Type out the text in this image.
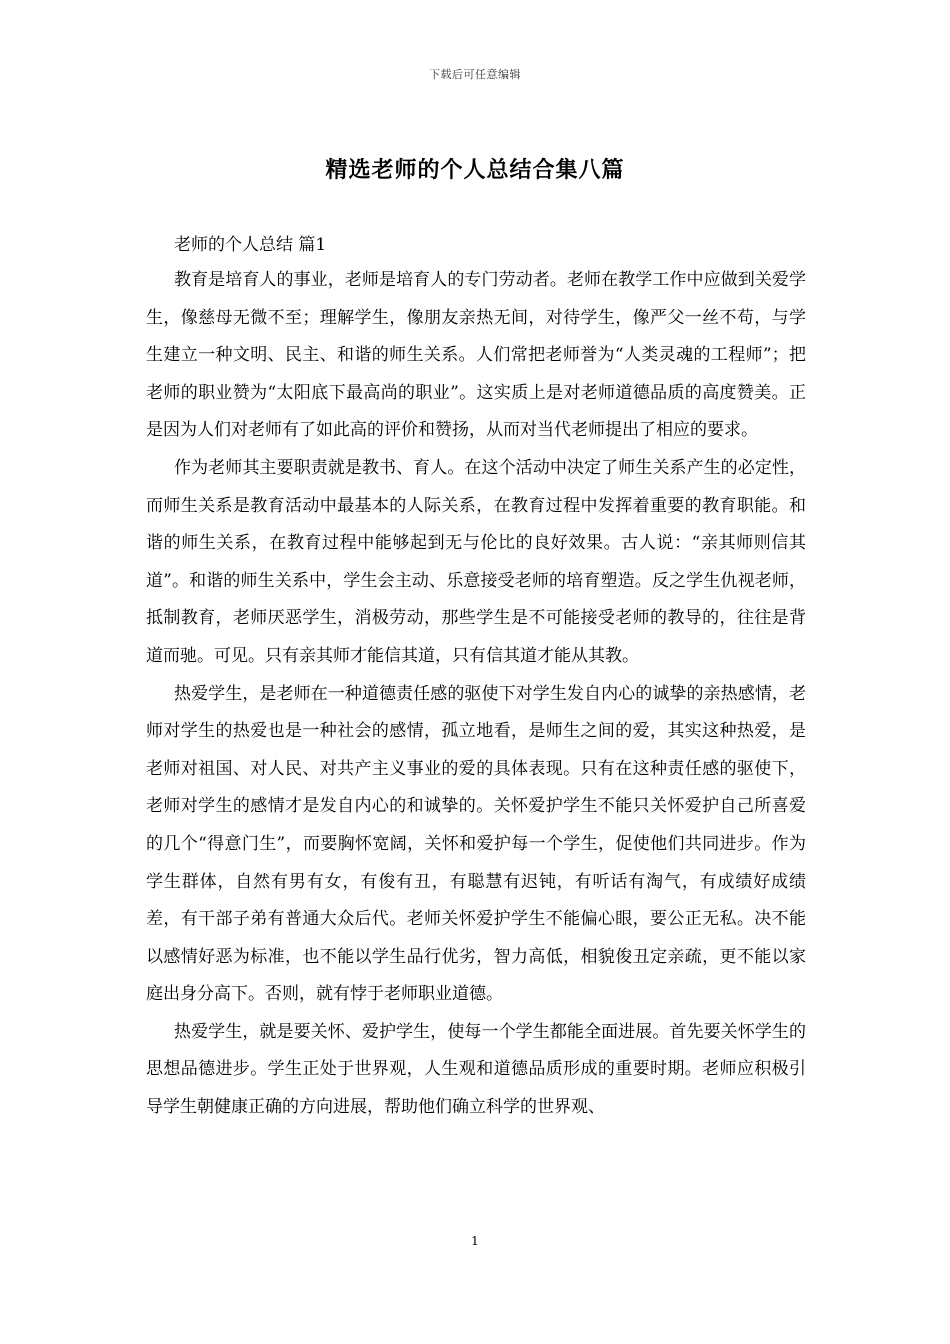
下载后可任意编辑
精选老师的个人总结合集八篇

老师的个人总结 篇1

教育是培育人的事业，老师是培育人的专门劳动者。老师在教学工作中应做到关爱学生，像慈母无微不至；理解学生，像朋友亲热无间，对待学生，像严父一丝不苟，与学生建立一种文明、民主、和谐的师生关系。人们常把老师誉为“人类灵魂的工程师”；把老师的职业赞为“太阳底下最高尚的职业”。这实质上是对老师道德品质的高度赞美。正是因为人们对老师有了如此高的评价和赞扬，从而对当代老师提出了相应的要求。

作为老师其主要职责就是教书、育人。在这个活动中决定了师生关系产生的必定性，而师生关系是教育活动中最基本的人际关系，在教育过程中发挥着重要的教育职能。和谐的师生关系，在教育过程中能够起到无与伦比的良好效果。古人说：“亲其师则信其道”。和谐的师生关系中，学生会主动、乐意接受老师的培育塑造。反之学生仇视老师，抵制教育，老师厌恶学生，消极劳动，那些学生是不可能接受老师的教导的，往往是背道而驰。可见。只有亲其师才能信其道，只有信其道才能从其教。

热爱学生，是老师在一种道德责任感的驱使下对学生发自内心的诚挚的亲热感情，老师对学生的热爱也是一种社会的感情，孤立地看，是师生之间的爱，其实这种热爱，是老师对祖国、对人民、对共产主义事业的爱的具体表现。只有在这种责任感的驱使下，老师对学生的感情才是发自内心的和诚挚的。关怀爱护学生不能只关怀爱护自己所喜爱的几个“得意门生”，而要胸怀宽阔，关怀和爱护每一个学生，促使他们共同进步。作为学生群体，自然有男有女，有俊有丑，有聪慧有迟钝，有听话有淘气，有成绩好成绩差，有干部子弟有普通大众后代。老师关怀爱护学生不能偏心眼，要公正无私。决不能以感情好恶为标准，也不能以学生品行优劣，智力高低，相貌俊丑定亲疏，更不能以家庭出身分高下。否则，就有悖于老师职业道德。

热爱学生，就是要关怀、爱护学生，使每一个学生都能全面进展。首先要关怀学生的思想品德进步。学生正处于世界观，人生观和道德品质形成的重要时期。老师应积极引导学生朝健康正确的方向进展，帮助他们确立科学的世界观、

1
